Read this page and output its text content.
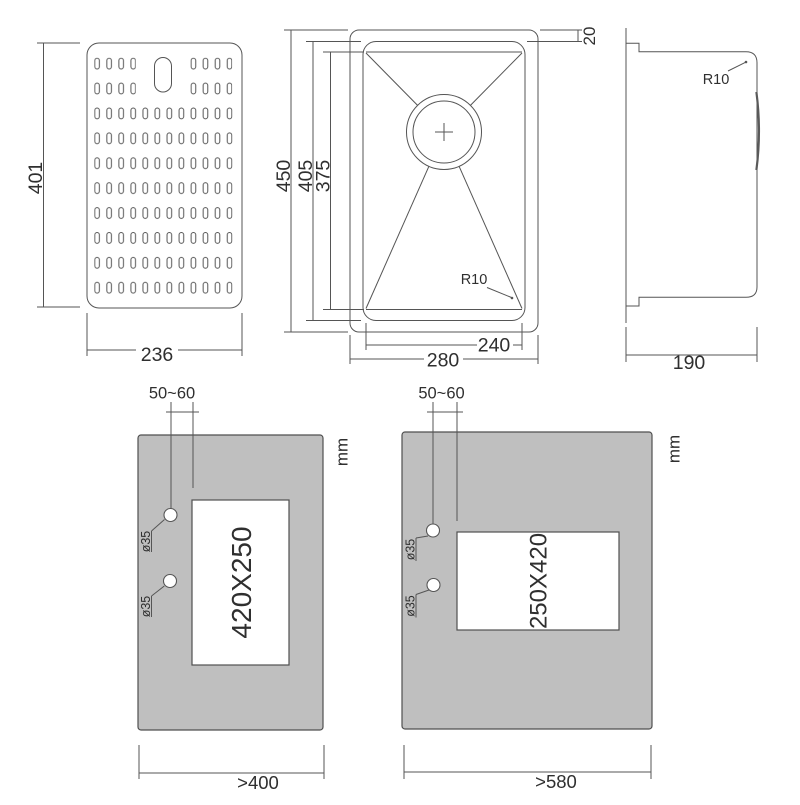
401
236
R10
450 405
375
240
280
20
R10
190
420X250
50~60
ø35
ø35
mm
>400
250X420
50~60
ø35
ø35
mm
>580
